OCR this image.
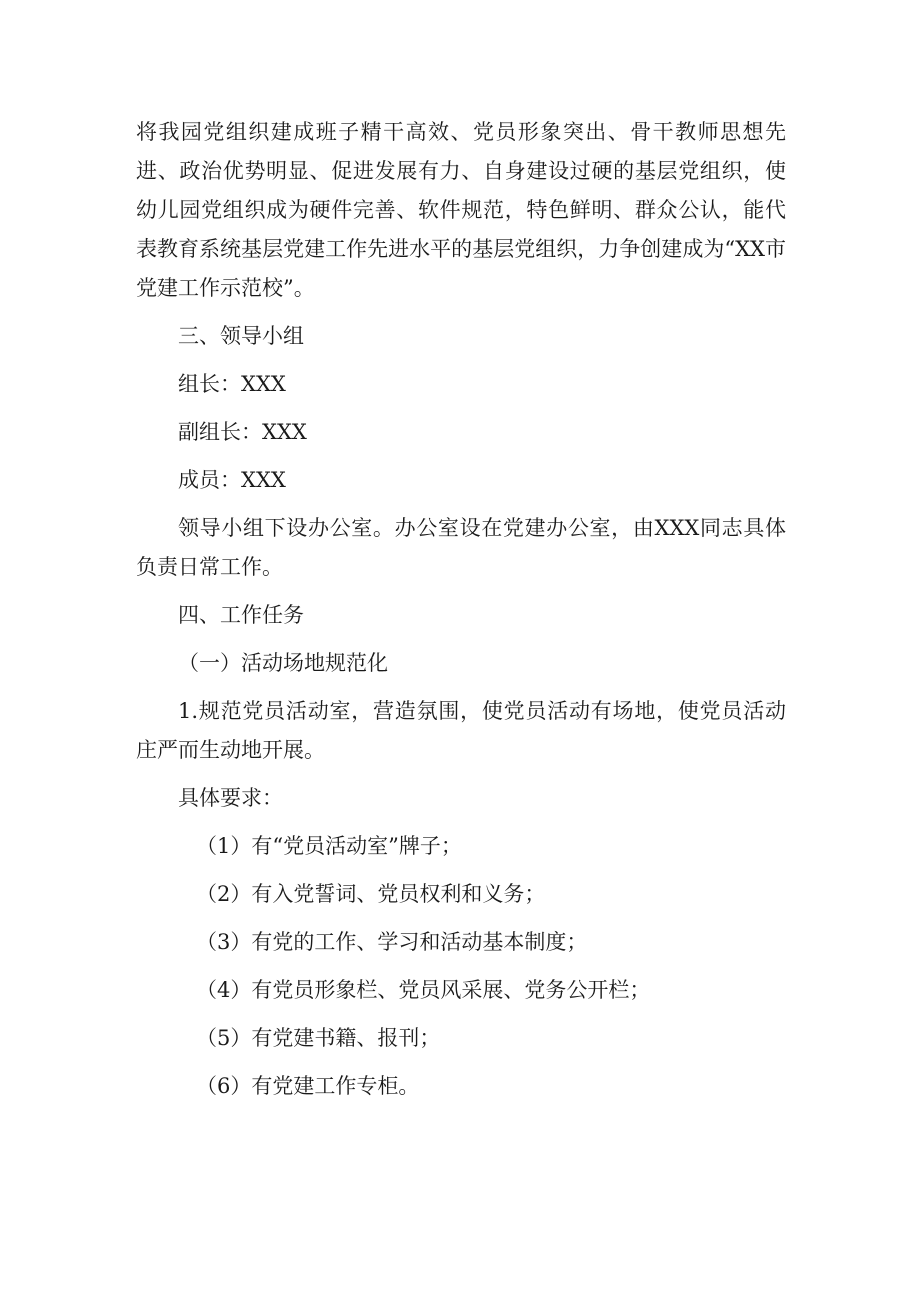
将我园党组织建成班子精干高效、党员形象突出、骨干教师思想先进、政治优势明显、促进发展有力、自身建设过硬的基层党组织，使幼儿园党组织成为硬件完善、软件规范，特色鲜明、群众公认，能代表教育系统基层党建工作先进水平的基层党组织，力争创建成为“XX市党建工作示范校”。

三、领导小组

组长：XXX

副组长：XXX

成员：XXX

领导小组下设办公室。办公室设在党建办公室，由XXX同志具体负责日常工作。

四、工作任务

（一）活动场地规范化

1.规范党员活动室，营造氛围，使党员活动有场地，使党员活动庄严而生动地开展。

具体要求：

（1）有“党员活动室”牌子；

（2）有入党誓词、党员权利和义务；

（3）有党的工作、学习和活动基本制度；

（4）有党员形象栏、党员风采展、党务公开栏；

（5）有党建书籍、报刊；

（6）有党建工作专柜。
